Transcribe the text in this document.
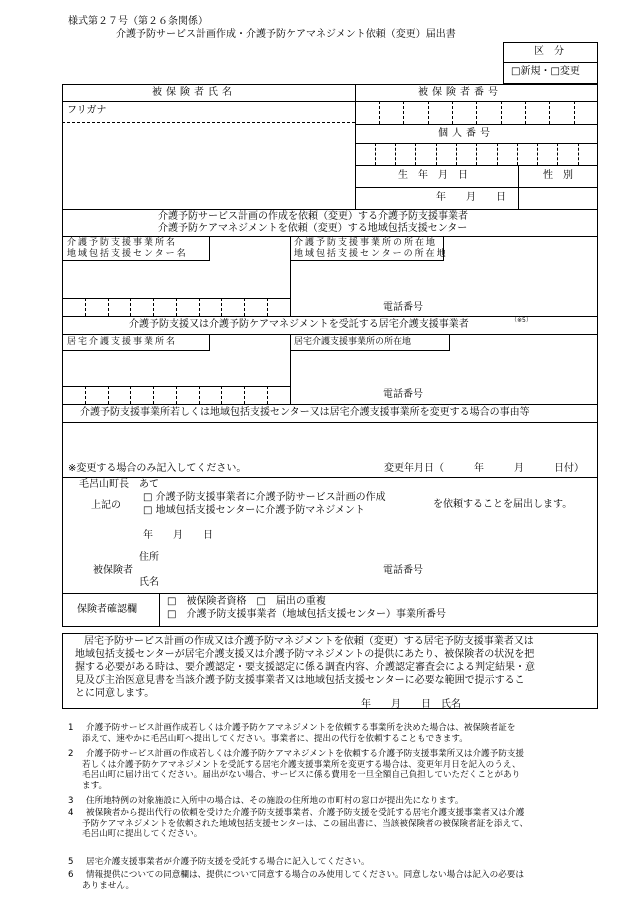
様式第２７号（第２６条関係）
介護予防サービス計画作成・介護予防ケアマネジメント依頼（変更）届出書
区　分
□新規・□変更
被保険者氏名	被保険者番号
フリガナ
個人番号
生　年　月　日	性　別
年　　月　　日
介護予防サービス計画の作成を依頼（変更）する介護予防支援事業者
介護予防ケアマネジメントを依頼（変更）する地域包括支援センター
介護予防支援事業所名
地域包括支援センター名
介護予防支援事業所の所在地
地域包括支援センターの所在地
電話番号
介護予防支援又は介護予防ケアマネジメントを受託する居宅介護支援事業者	（※5）
居宅介護支援事業所名	居宅介護支援事業所の所在地
電話番号
介護予防支援事業所若しくは地域包括支援センター又は居宅介護支援事業所を変更する場合の事由等
※変更する場合のみ記入してください。	変更年月日（　　　年　　　月　　　日付）
毛呂山町長　あて
上記の
□ 介護予防支援事業者に介護予防サービス計画の作成
□ 地域包括支援センターに介護予防マネジメント
を依頼することを届出します。
年　　月　　日
住所
被保険者
氏名
電話番号
保険者確認欄
□　被保険者資格　□　届出の重複
□　介護予防支援事業者（地域包括支援センター）事業所番号
居宅予防サービス計画の作成又は介護予防マネジメントを依頼（変更）する居宅予防支援事業者又は
地域包括支援センターが居宅介護支援又は介護予防マネジメントの提供にあたり、被保険者の状況を把
握する必要がある時は、要介護認定・要支援認定に係る調査内容、介護認定審査会による判定結果・意
見及び主治医意見書を当該介護予防支援事業者又は地域包括支援センターに必要な範囲で提示するこ
とに同意します。
年　　月　　日　氏名
1 介護予防サービス計画作成若しくは介護予防ケアマネジメントを依頼する事業所を決めた場合は、被保険者証を
添えて、速やかに毛呂山町へ提出してください。事業者に、提出の代行を依頼することもできます。
2 介護予防サービス計画の作成若しくは介護予防ケアマネジメントを依頼する介護予防支援事業所又は介護予防支援
若しくは介護予防ケアマネジメントを受託する居宅介護支援事業所を変更する場合は、変更年月日を記入のうえ、
毛呂山町に届け出てください。届出がない場合、サービスに係る費用を一旦全額自己負担していただくことがあり
ます。
3 住所地特例の対象施設に入所中の場合は、その施設の住所地の市町村の窓口が提出先になります。
4 被保険者から提出代行の依頼を受けた介護予防支援事業者、介護予防支援を受託する居宅介護支援事業者又は介護
予防ケアマネジメントを依頼された地域包括支援センターは、この届出書に、当該被保険者の被保険者証を添えて、
毛呂山町に提出してください。
5 居宅介護支援事業者が介護予防支援を受託する場合に記入してください。
6 情報提供についての同意欄は、提供について同意する場合のみ使用してください。同意しない場合は記入の必要は
ありません。
